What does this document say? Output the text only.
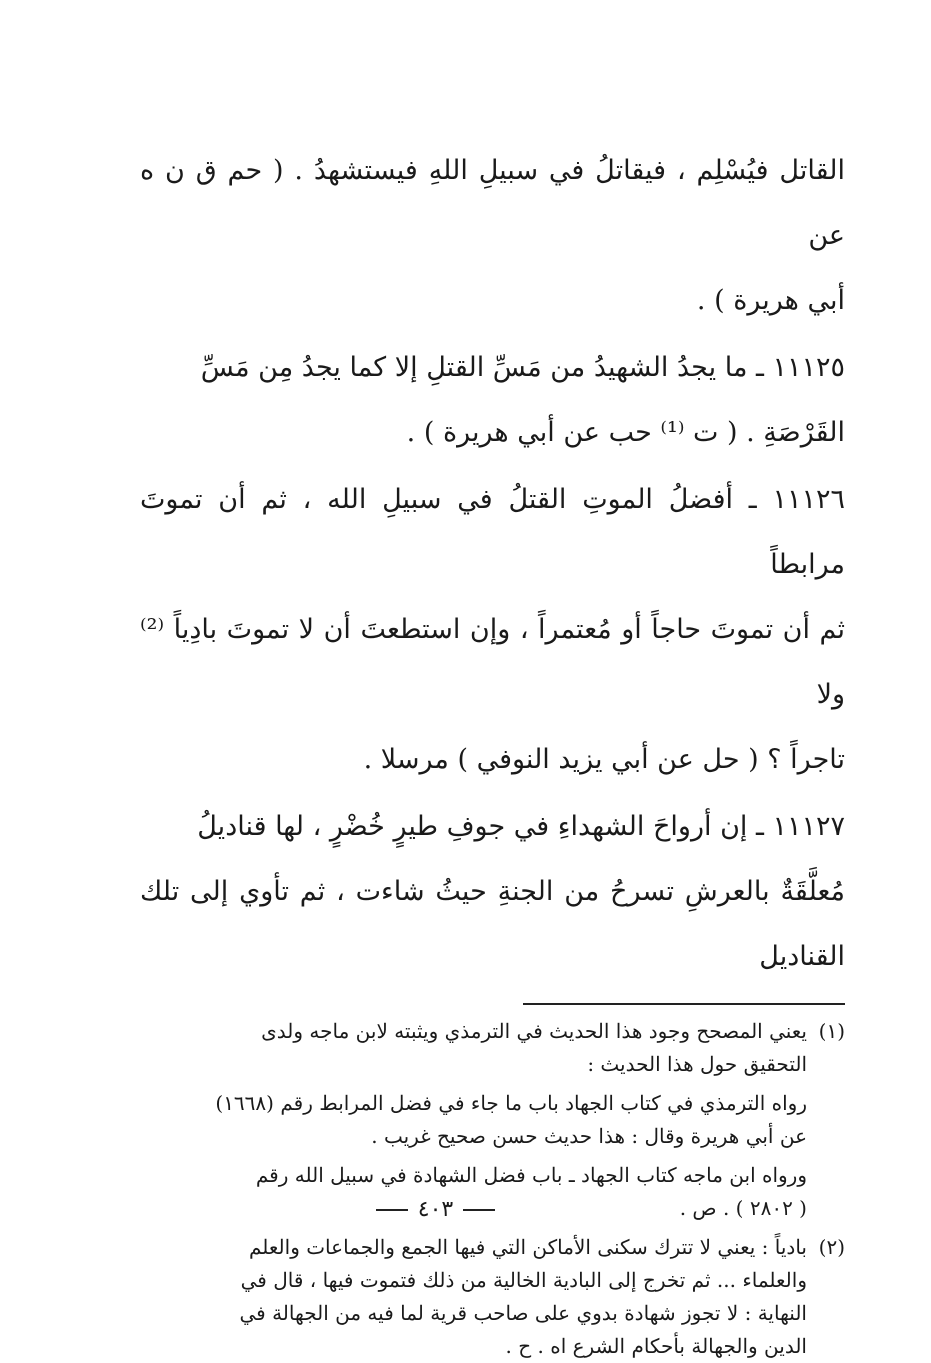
القاتل فيُسْلِم ، فيقاتلُ في سبيلِ اللهِ فيستشهدُ . ( حم ق ن ه عن

أبي هريرة ) .

١١١٢٥ ـ ما يجدُ الشهيدُ من مَسِّ القتلِ إلا كما يجدُ مِن مَسِّ

القَرْصَةِ . ( ت ⁽¹⁾ حب عن أبي هريرة ) .

١١١٢٦ ـ أفضلُ الموتِ القتلُ في سبيلِ الله ، ثم أن تموتَ مرابطاً

ثم أن تموتَ حاجاً أو مُعتمراً ، وإن استطعتَ أن لا تموتَ بادِياً ⁽²⁾ ولا

تاجراً ؟ ( حل عن أبي يزيد النوفي ) مرسلا .

١١١٢٧ ـ إن أرواحَ الشهداءِ في جوفِ طيرٍ خُضْرٍ ، لها قناديلُ

مُعلَّقَةٌ بالعرشِ تسرحُ من الجنةِ حيثُ شاءت ، ثم تأوي إلى تلك القناديل

(١)يعني المصحح وجود هذا الحديث في الترمذي ويثبته لابن ماجه ولدى

التحقيق حول هذا الحديث :

رواه الترمذي في كتاب الجهاد باب ما جاء في فضل المرابط رقم (١٦٦٨)

عن أبي هريرة وقال : هذا حديث حسن صحيح غريب .

ورواه ابن ماجه كتاب الجهاد ـ باب فضل الشهادة في سبيل الله رقم

( ٢٨٠٢ ) . ص .

(٢)بادياً : يعني لا تترك سكنى الأماكن التي فيها الجمع والجماعات والعلم

والعلماء ... ثم تخرج إلى البادية الخالية من ذلك فتموت فيها ، قال في

النهاية : لا تجوز شهادة بدوي على صاحب قرية لما فيه من الجهالة في

الدين والجهالة بأحكام الشرع اه . ح .

٤٠٣
